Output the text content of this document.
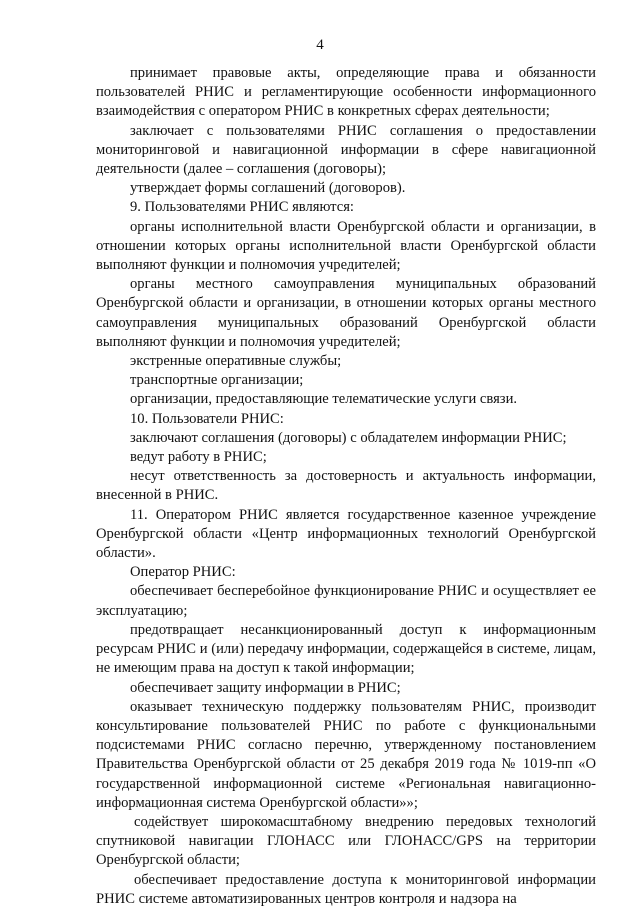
4

принимает правовые акты, определяющие права и обязанности пользователей РНИС и регламентирующие особенности информационного взаимодействия с оператором РНИС в конкретных сферах деятельности;

заключает с пользователями РНИС соглашения о предоставлении мониторинговой и навигационной информации в сфере навигационной деятельности (далее – соглашения (договоры);

утверждает формы соглашений (договоров).

9. Пользователями РНИС являются:

органы исполнительной власти Оренбургской области и организации, в отношении которых органы исполнительной власти Оренбургской области выполняют функции и полномочия учредителей;

органы местного самоуправления муниципальных образований Оренбургской области и организации, в отношении которых органы местного самоуправления муниципальных образований Оренбургской области выполняют функции и полномочия учредителей;

экстренные оперативные службы;

транспортные организации;

организации, предоставляющие телематические услуги связи.

10. Пользователи РНИС:

заключают соглашения (договоры) с обладателем информации РНИС;

ведут работу в РНИС;

несут ответственность за достоверность и актуальность информации, внесенной в РНИС.

11. Оператором РНИС является государственное казенное учреждение Оренбургской области «Центр информационных технологий Оренбургской области».

Оператор РНИС:

обеспечивает бесперебойное функционирование РНИС и осуществляет ее эксплуатацию;

предотвращает несанкционированный доступ к информационным ресурсам РНИС и (или) передачу информации, содержащейся в системе, лицам, не имеющим права на доступ к такой информации;

обеспечивает защиту информации в РНИС;

оказывает техническую поддержку пользователям РНИС, производит консультирование пользователей РНИС по работе с функциональными подсистемами РНИС согласно перечню, утвержденному постановлением Правительства Оренбургской области от 25 декабря 2019 года № 1019-пп «О государственной информационной системе «Региональная навигационно-информационная система Оренбургской области»»;

содействует широкомасштабному внедрению передовых технологий спутниковой навигации ГЛОНАСС или ГЛОНАСС/GPS на территории Оренбургской области;

обеспечивает предоставление доступа к мониторинговой информации РНИС системе автоматизированных центров контроля и надзора на
